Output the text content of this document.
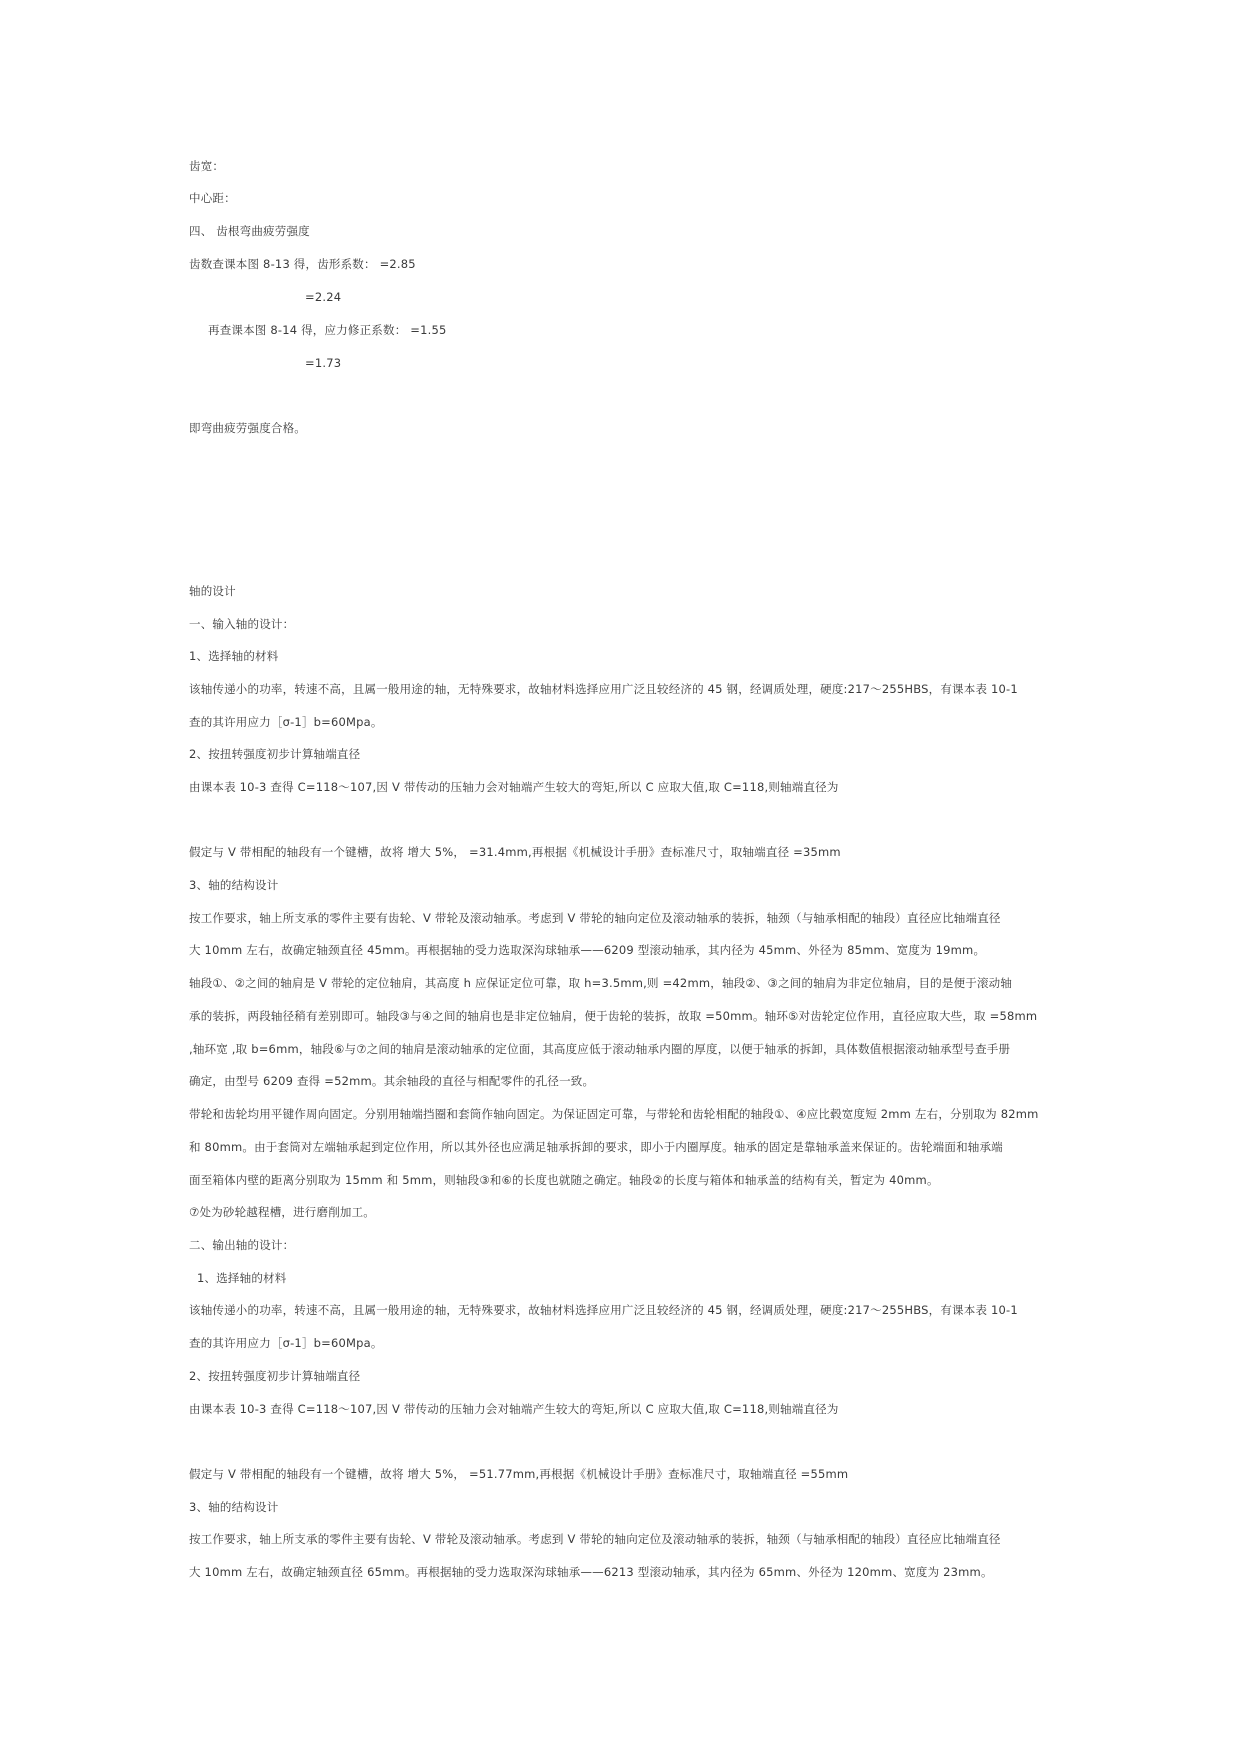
齿宽：
中心距：
四、 齿根弯曲疲劳强度
齿数查课本图 8-13 得，齿形系数： =2.85
=2.24
再查课本图 8-14 得，应力修正系数： =1.55
=1.73
即弯曲疲劳强度合格。
轴的设计
一、输入轴的设计：
1、选择轴的材料
该轴传递小的功率，转速不高，且属一般用途的轴，无特殊要求，故轴材料选择应用广泛且较经济的 45 钢，经调质处理，硬度:217～255HBS，有课本表 10-1
查的其许用应力［σ-1］b=60Mpa。
2、按扭转强度初步计算轴端直径
由课本表 10-3 查得 C=118～107,因 V 带传动的压轴力会对轴端产生较大的弯矩,所以 C 应取大值,取 C=118,则轴端直径为
假定与 V 带相配的轴段有一个键槽，故将 增大 5%， =31.4mm,再根据《机械设计手册》查标准尺寸，取轴端直径 =35mm
3、轴的结构设计
按工作要求，轴上所支承的零件主要有齿轮、V 带轮及滚动轴承。考虑到 V 带轮的轴向定位及滚动轴承的装拆，轴颈（与轴承相配的轴段）直径应比轴端直径
大 10mm 左右，故确定轴颈直径 45mm。再根据轴的受力选取深沟球轴承——6209 型滚动轴承，其内径为 45mm、外径为 85mm、宽度为 19mm。
轴段①、②之间的轴肩是 V 带轮的定位轴肩，其高度 h 应保证定位可靠，取 h=3.5mm,则 =42mm，轴段②、③之间的轴肩为非定位轴肩，目的是便于滚动轴
承的装拆，两段轴径稍有差别即可。轴段③与④之间的轴肩也是非定位轴肩，便于齿轮的装拆，故取 =50mm。轴环⑤对齿轮定位作用，直径应取大些，取 =58mm
,轴环宽 ,取 b=6mm，轴段⑥与⑦之间的轴肩是滚动轴承的定位面，其高度应低于滚动轴承内圈的厚度，以便于轴承的拆卸，具体数值根据滚动轴承型号查手册
确定，由型号 6209 查得 =52mm。其余轴段的直径与相配零件的孔径一致。
带轮和齿轮均用平键作周向固定。分别用轴端挡圈和套筒作轴向固定。为保证固定可靠，与带轮和齿轮相配的轴段①、④应比毂宽度短 2mm 左右，分别取为 82mm
和 80mm。由于套筒对左端轴承起到定位作用，所以其外径也应满足轴承拆卸的要求，即小于内圈厚度。轴承的固定是靠轴承盖来保证的。齿轮端面和轴承端
面至箱体内壁的距离分别取为 15mm 和 5mm，则轴段③和⑥的长度也就随之确定。轴段②的长度与箱体和轴承盖的结构有关，暂定为 40mm。
⑦处为砂轮越程槽，进行磨削加工。
二、输出轴的设计：
1、选择轴的材料
该轴传递小的功率，转速不高，且属一般用途的轴，无特殊要求，故轴材料选择应用广泛且较经济的 45 钢，经调质处理，硬度:217～255HBS，有课本表 10-1
查的其许用应力［σ-1］b=60Mpa。
2、按扭转强度初步计算轴端直径
由课本表 10-3 查得 C=118～107,因 V 带传动的压轴力会对轴端产生较大的弯矩,所以 C 应取大值,取 C=118,则轴端直径为
假定与 V 带相配的轴段有一个键槽，故将 增大 5%， =51.77mm,再根据《机械设计手册》查标准尺寸，取轴端直径 =55mm
3、轴的结构设计
按工作要求，轴上所支承的零件主要有齿轮、V 带轮及滚动轴承。考虑到 V 带轮的轴向定位及滚动轴承的装拆，轴颈（与轴承相配的轴段）直径应比轴端直径
大 10mm 左右，故确定轴颈直径 65mm。再根据轴的受力选取深沟球轴承——6213 型滚动轴承，其内径为 65mm、外径为 120mm、宽度为 23mm。
